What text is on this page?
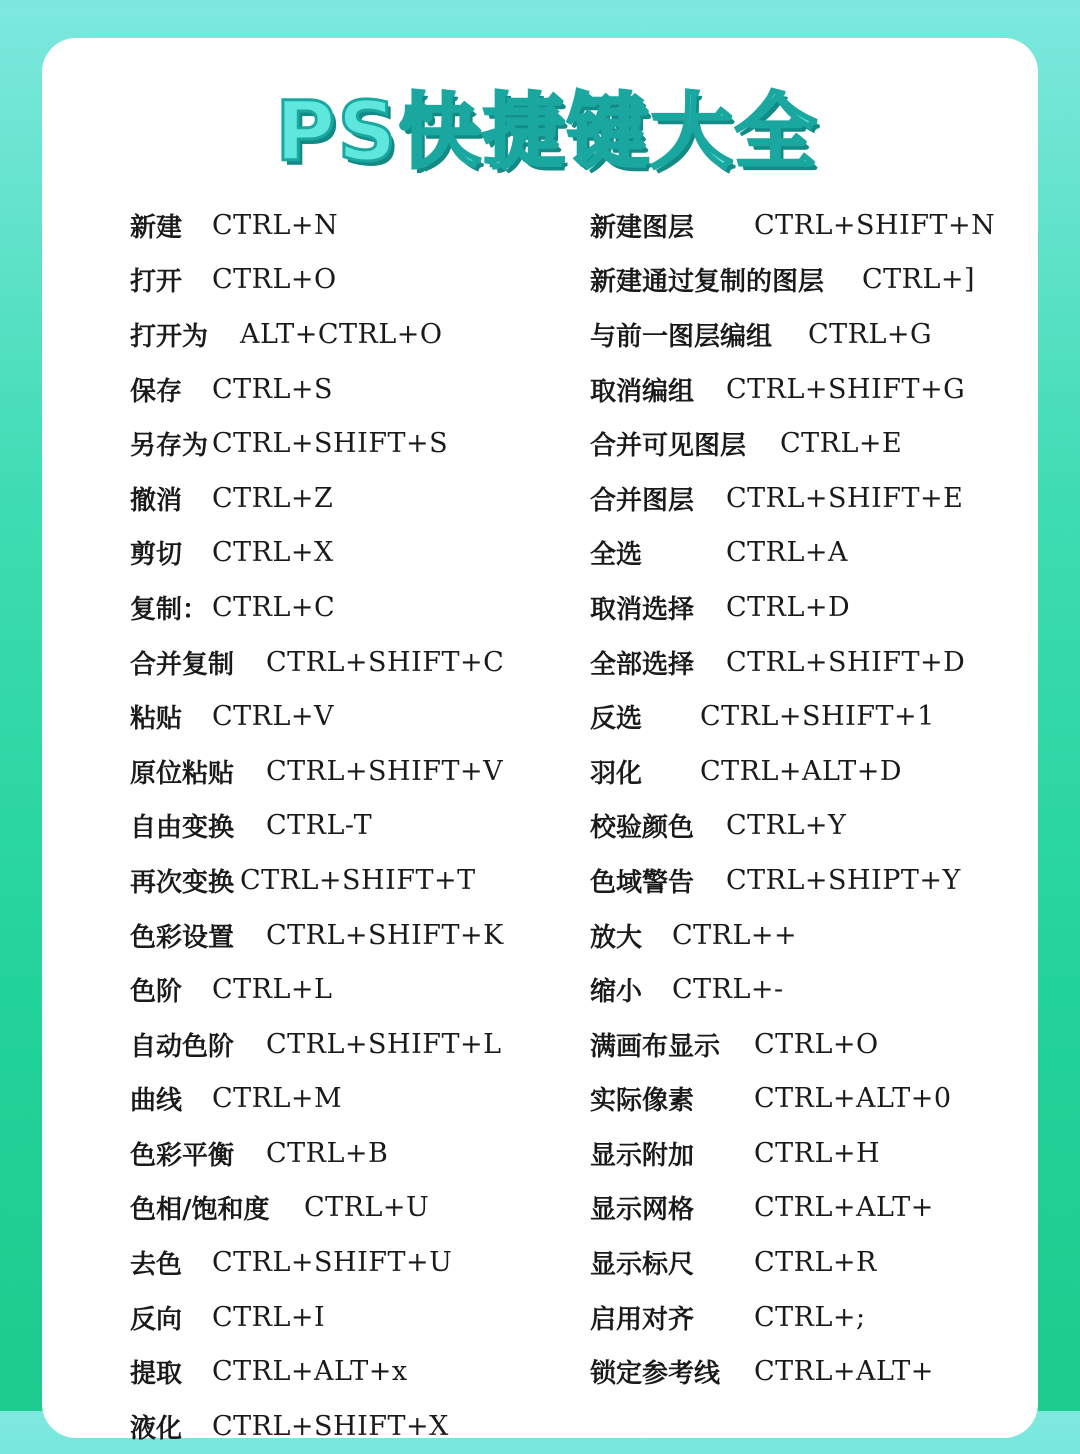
PS快捷键大全
新建	CTRL+N
打开	CTRL+O
打开为	ALT+CTRL+O
保存	CTRL+S
另存为 CTRL+SHIFT+S
撤消	CTRL+Z
剪切	CTRL+X
复制： CTRL+C
合并复制	CTRL+SHIFT+C
粘贴	CTRL+V
原位粘贴	CTRL+SHIFT+V
自由变换	CTRL-T
再次变换 CTRL+SHIFT+T
色彩设置	CTRL+SHIFT+K
色阶	CTRL+L
自动色阶	CTRL+SHIFT+L
曲线	CTRL+M
色彩平衡	CTRL+B
色相/饱和度	CTRL+U
去色	CTRL+SHIFT+U
反向	CTRL+I
提取	CTRL+ALT+x
液化	CTRL+SHIFT+X
新建图层	CTRL+SHIFT+N
新建通过复制的图层	CTRL+]
与前一图层编组	CTRL+G
取消编组	CTRL+SHIFT+G
合并可见图层	CTRL+E
合并图层	CTRL+SHIFT+E
全选	CTRL+A
取消选择	CTRL+D
全部选择	CTRL+SHIFT+D
反选	CTRL+SHIFT+1
羽化	CTRL+ALT+D
校验颜色	CTRL+Y
色域警告	CTRL+SHIPT+Y
放大	CTRL++
缩小	CTRL+-
满画布显示	CTRL+O
实际像素	CTRL+ALT+0
显示附加	CTRL+H
显示网格	CTRL+ALT+
显示标尺	CTRL+R
启用对齐	CTRL+;
锁定参考线	CTRL+ALT+
